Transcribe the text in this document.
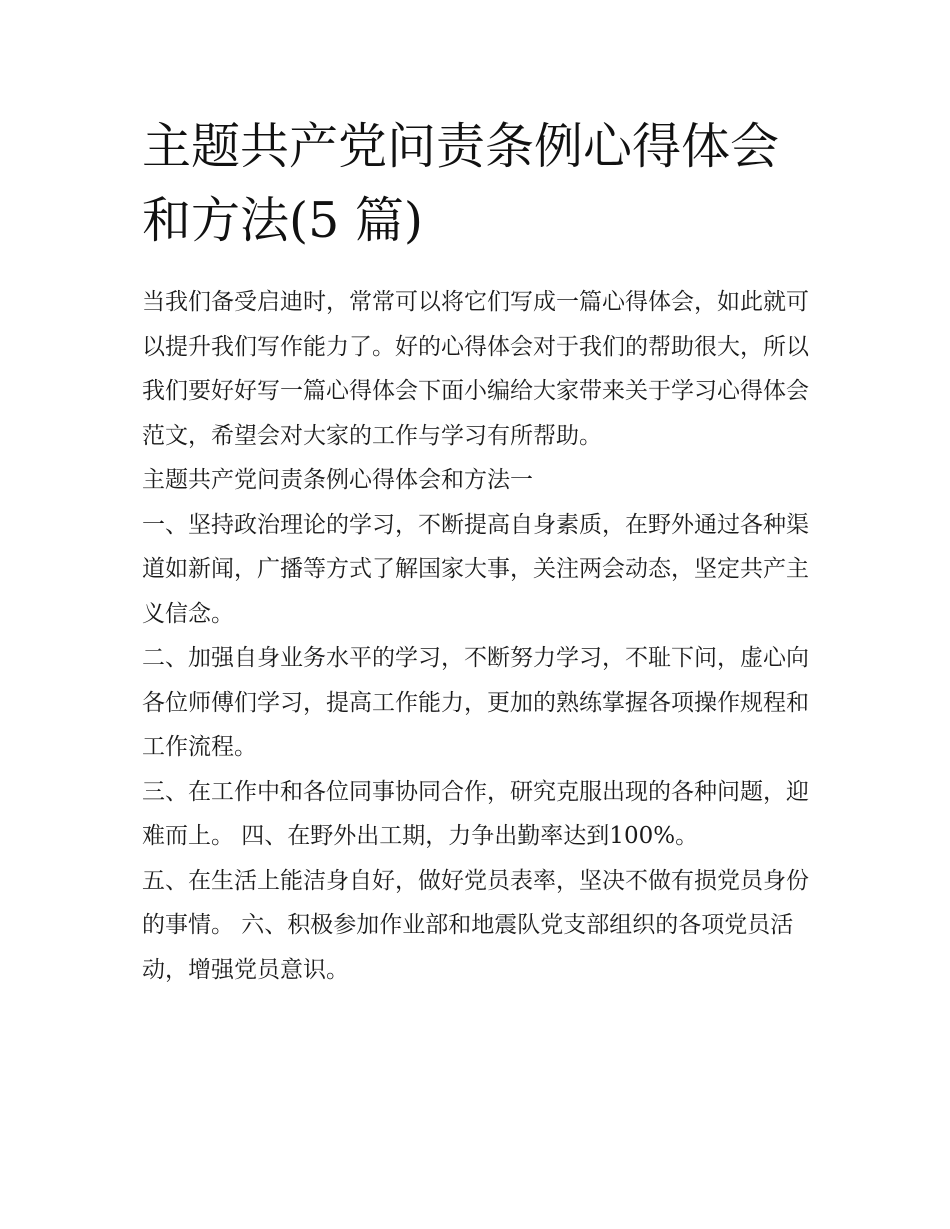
主题共产党问责条例心得体会和方法(5 篇)

当我们备受启迪时，常常可以将它们写成一篇心得体会，如此就可以提升我们写作能力了。好的心得体会对于我们的帮助很大，所以我们要好好写一篇心得体会下面小编给大家带来关于学习心得体会范文，希望会对大家的工作与学习有所帮助。

主题共产党问责条例心得体会和方法一

一、坚持政治理论的学习，不断提高自身素质，在野外通过各种渠道如新闻，广播等方式了解国家大事，关注两会动态，坚定共产主义信念。

二、加强自身业务水平的学习，不断努力学习，不耻下问，虚心向各位师傅们学习，提高工作能力，更加的熟练掌握各项操作规程和工作流程。

三、在工作中和各位同事协同合作，研究克服出现的各种问题，迎难而上。 四、在野外出工期，力争出勤率达到100%。

五、在生活上能洁身自好，做好党员表率，坚决不做有损党员身份的事情。 六、积极参加作业部和地震队党支部组织的各项党员活动，增强党员意识。
